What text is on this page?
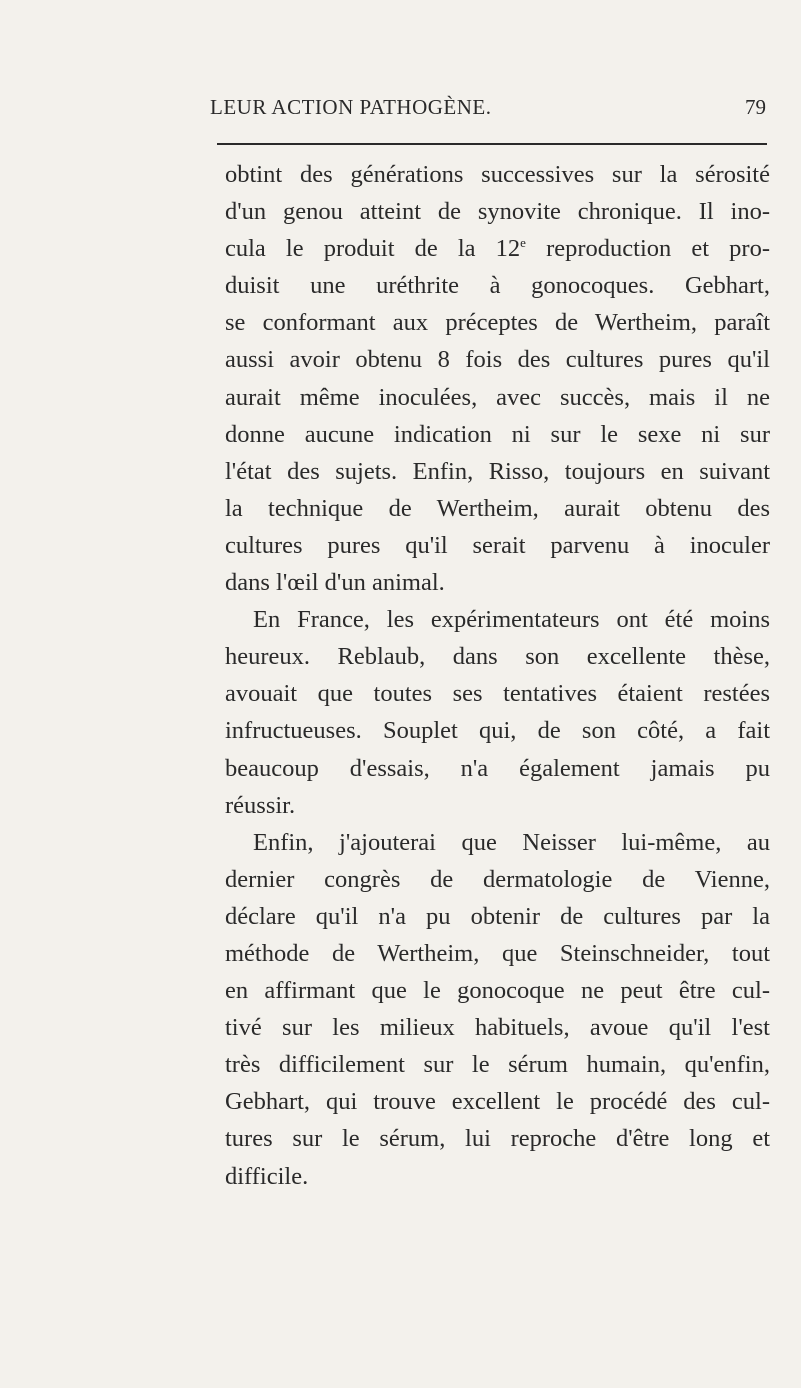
LEUR ACTION PATHOGÈNE.	79
obtint des générations successives sur la sérosité
d'un genou atteint de synovite chronique. Il ino-
cula le produit de la 12e reproduction et pro-
duisit une uréthrite à gonocoques. Gebhart,
se conformant aux préceptes de Wertheim, paraît
aussi avoir obtenu 8 fois des cultures pures qu'il
aurait même inoculées, avec succès, mais il ne
donne aucune indication ni sur le sexe ni sur
l'état des sujets. Enfin, Risso, toujours en suivant
la technique de Wertheim, aurait obtenu des
cultures pures qu'il serait parvenu à inoculer
dans l'œil d'un animal.
En France, les expérimentateurs ont été moins
heureux. Reblaub, dans son excellente thèse,
avouait que toutes ses tentatives étaient restées
infructueuses. Souplet qui, de son côté, a fait
beaucoup d'essais, n'a également jamais pu
réussir.
Enfin, j'ajouterai que Neisser lui-même, au
dernier congrès de dermatologie de Vienne,
déclare qu'il n'a pu obtenir de cultures par la
méthode de Wertheim, que Steinschneider, tout
en affirmant que le gonocoque ne peut être cul-
tivé sur les milieux habituels, avoue qu'il l'est
très difficilement sur le sérum humain, qu'enfin,
Gebhart, qui trouve excellent le procédé des cul-
tures sur le sérum, lui reproche d'être long et
difficile.
